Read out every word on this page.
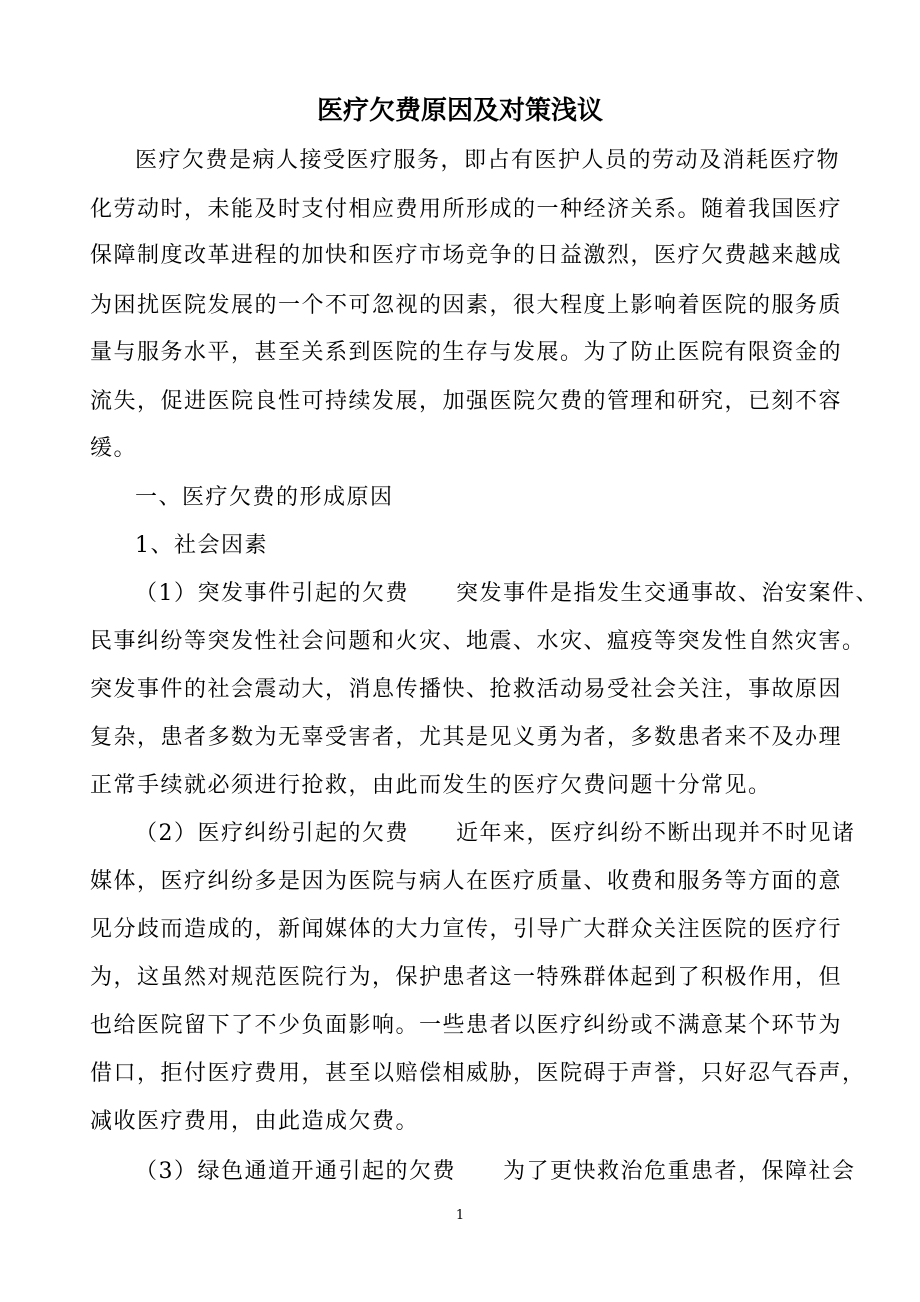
医疗欠费原因及对策浅议
医疗欠费是病人接受医疗服务，即占有医护人员的劳动及消耗医疗物
化劳动时，未能及时支付相应费用所形成的一种经济关系。随着我国医疗
保障制度改革进程的加快和医疗市场竞争的日益激烈，医疗欠费越来越成
为困扰医院发展的一个不可忽视的因素，很大程度上影响着医院的服务质
量与服务水平，甚至关系到医院的生存与发展。为了防止医院有限资金的
流失，促进医院良性可持续发展，加强医院欠费的管理和研究，已刻不容
缓。
一、医疗欠费的形成原因
1、社会因素
（1）突发事件引起的欠费　　突发事件是指发生交通事故、治安案件、
民事纠纷等突发性社会问题和火灾、地震、水灾、瘟疫等突发性自然灾害。
突发事件的社会震动大，消息传播快、抢救活动易受社会关注，事故原因
复杂，患者多数为无辜受害者，尤其是见义勇为者，多数患者来不及办理
正常手续就必须进行抢救，由此而发生的医疗欠费问题十分常见。
（2）医疗纠纷引起的欠费　　近年来，医疗纠纷不断出现并不时见诸
媒体，医疗纠纷多是因为医院与病人在医疗质量、收费和服务等方面的意
见分歧而造成的，新闻媒体的大力宣传，引导广大群众关注医院的医疗行
为，这虽然对规范医院行为，保护患者这一特殊群体起到了积极作用，但
也给医院留下了不少负面影响。一些患者以医疗纠纷或不满意某个环节为
借口，拒付医疗费用，甚至以赔偿相威胁，医院碍于声誉，只好忍气吞声，
减收医疗费用，由此造成欠费。
（3）绿色通道开通引起的欠费　　为了更快救治危重患者，保障社会
1
